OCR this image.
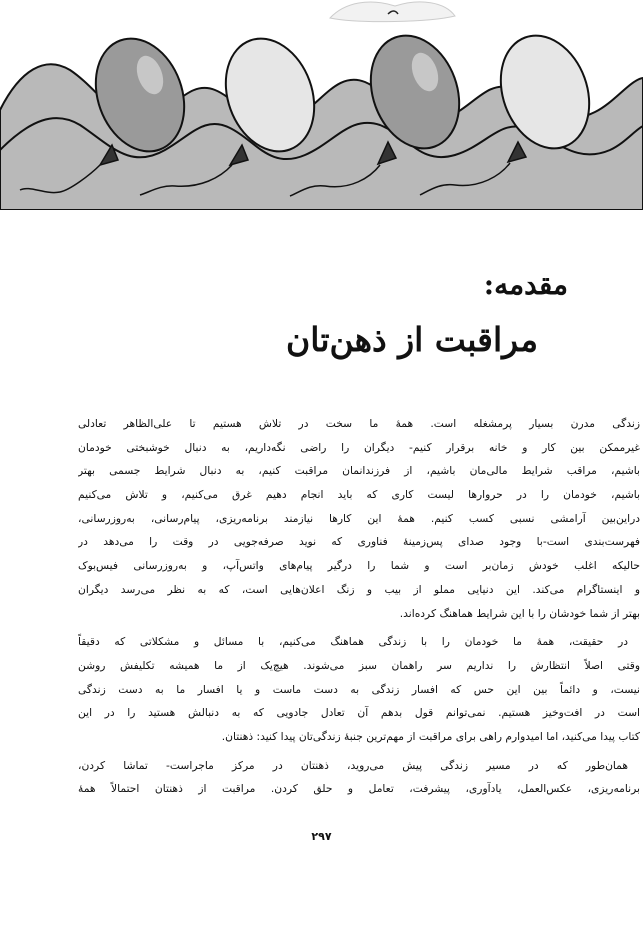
مقدمه:
مراقبت از ذهن‌تان
زندگی مدرن بسیار پرمشغله است. همهٔ ما سخت در تلاش هستیم تا علی‌الظاهر تعادلی
غیرممکن بین کار و خانه برقرار کنیم- دیگران را راضی نگه‌داریم، به دنبال خوشبختی خودمان
باشیم، مراقب شرایط مالی‌مان باشیم، از فرزندانمان مراقبت کنیم، به دنبال شرایط جسمی بهتر
باشیم، خودمان را در حروارها لیست کاری که باید انجام دهیم غرق می‌کنیم، و تلاش می‌کنیم
دراین‌بین آرامشی نسبی کسب کنیم. همهٔ این کارها نیازمند برنامه‌ریزی، پیام‌رسانی، به‌روزرسانی،
فهرست‌بندی است-با وجود صدای پس‌زمینهٔ فناوری که نوید صرفه‌جویی در وقت را می‌دهد در
حالیکه اغلب خودش زمان‌بر است و شما را درگیر پیام‌های واتس‌آپ، و به‌روزرسانی فیس‌بوک
و اینستاگرام می‌کند. این دنیایی مملو از بیب و زنگ اعلان‌هایی است، که به نظر می‌رسد دیگران
بهتر از شما خودشان را با این شرایط هماهنگ کرده‌اند.
در حقیقت، همهٔ ما خودمان را با زندگی هماهنگ می‌کنیم، با مسائل و مشکلاتی که دقیقاً
وقتی اصلاً انتظارش را نداریم سر راهمان سبز می‌شوند. هیچ‌یک از ما همیشه تکلیفش روشن
نیست، و دائماً بین این حس که افسار زندگی به دست ماست و یا افسار ما به دست زندگی
است در افت‌وخیز هستیم. نمی‌توانم قول بدهم آن تعادل جادویی که به دنبالش هستید را در این
کتاب پیدا می‌کنید، اما امیدوارم راهی برای مراقبت از مهم‌ترین جنبهٔ زندگی‌تان پیدا کنید: ذهنتان.
همان‌طور که در مسیر زندگی پیش می‌روید، ذهنتان در مرکز ماجراست- تماشا کردن،
برنامه‌ریزی، عکس‌العمل، یادآوری، پیشرفت، تعامل و حلق کردن. مراقبت از ذهنتان احتمالاً همهٔ
۲۹۷
